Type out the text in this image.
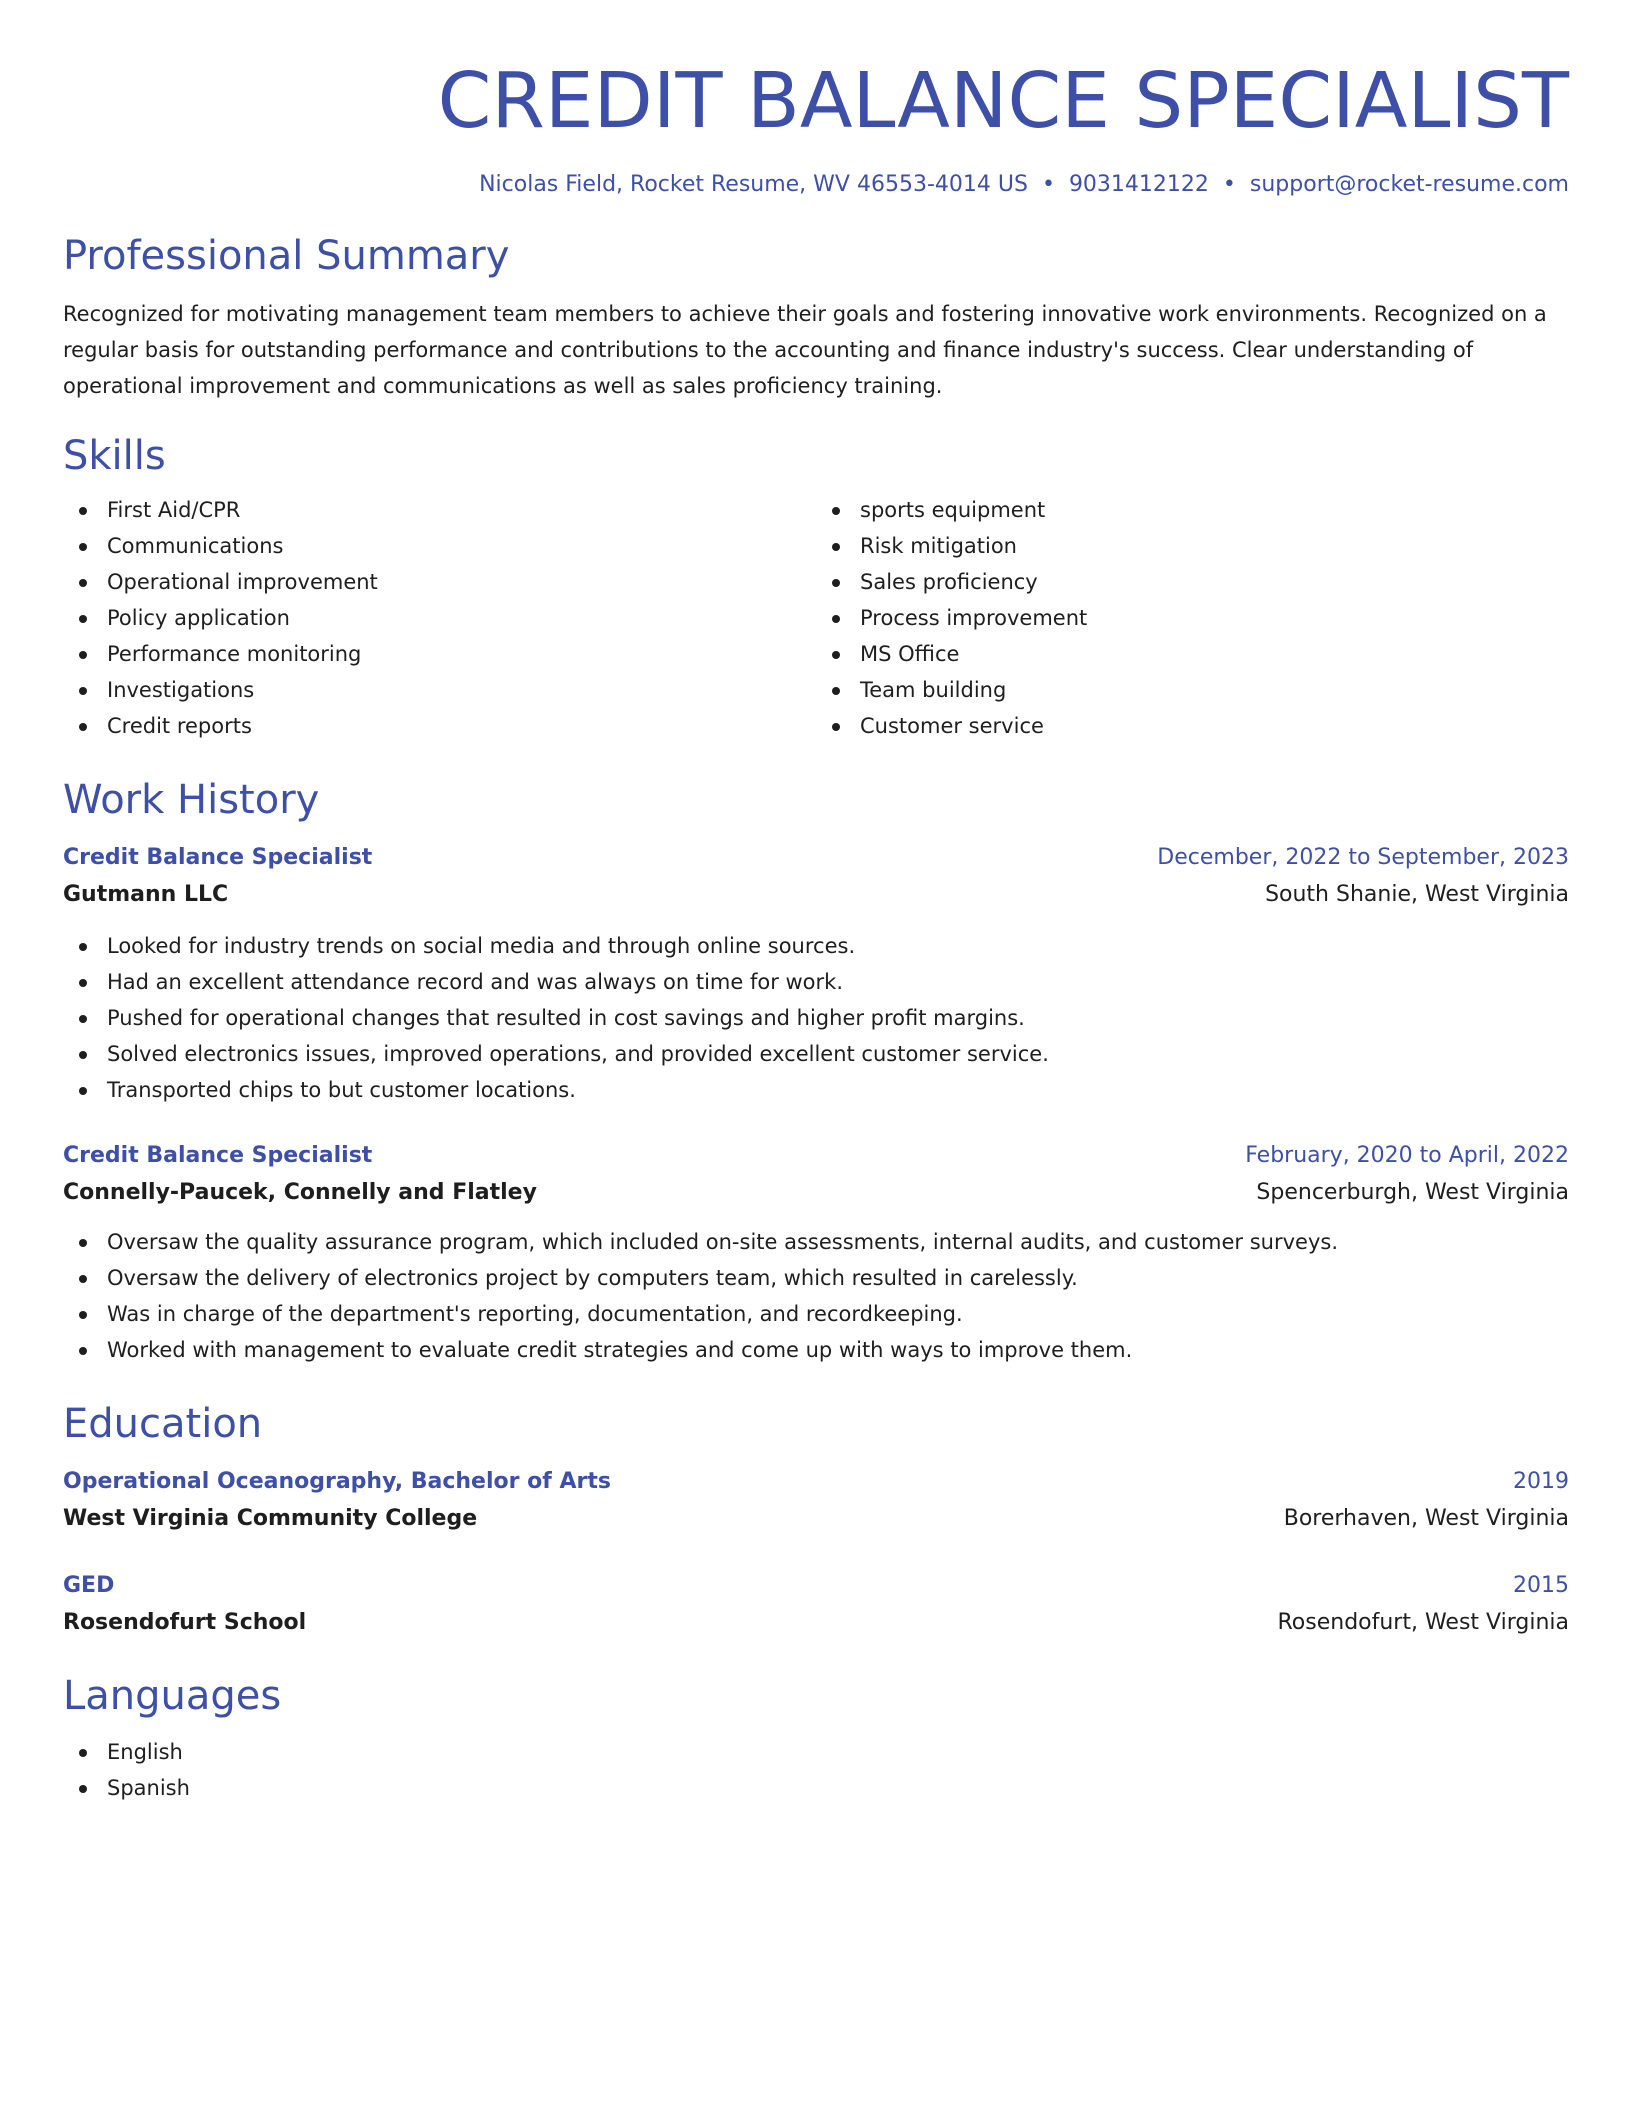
CREDIT BALANCE SPECIALIST
Nicolas Field, Rocket Resume, WV 46553-4014 US • 9031412122 • support@rocket-resume.com
Professional Summary

Recognized for motivating management team members to achieve their goals and fostering innovative work environments. Recognized on a regular basis for outstanding performance and contributions to the accounting and finance industry's success. Clear understanding of operational improvement and communications as well as sales proficiency training.

Skills
First Aid/CPR
Communications
Operational improvement
Policy application
Performance monitoring
Investigations
Credit reports
sports equipment
Risk mitigation
Sales proficiency
Process improvement
MS Office
Team building
Customer service
Work History
Credit Balance Specialist	December, 2022 to September, 2023
Gutmann LLC	South Shanie, West Virginia
Looked for industry trends on social media and through online sources.
Had an excellent attendance record and was always on time for work.
Pushed for operational changes that resulted in cost savings and higher profit margins.
Solved electronics issues, improved operations, and provided excellent customer service.
Transported chips to but customer locations.
Credit Balance Specialist	February, 2020 to April, 2022
Connelly-Paucek, Connelly and Flatley	Spencerburgh, West Virginia
Oversaw the quality assurance program, which included on-site assessments, internal audits, and customer surveys.
Oversaw the delivery of electronics project by computers team, which resulted in carelessly.
Was in charge of the department's reporting, documentation, and recordkeeping.
Worked with management to evaluate credit strategies and come up with ways to improve them.
Education
Operational Oceanography, Bachelor of Arts	2019
West Virginia Community College	Borerhaven, West Virginia
GED	2015
Rosendofurt School	Rosendofurt, West Virginia
Languages
English
Spanish
